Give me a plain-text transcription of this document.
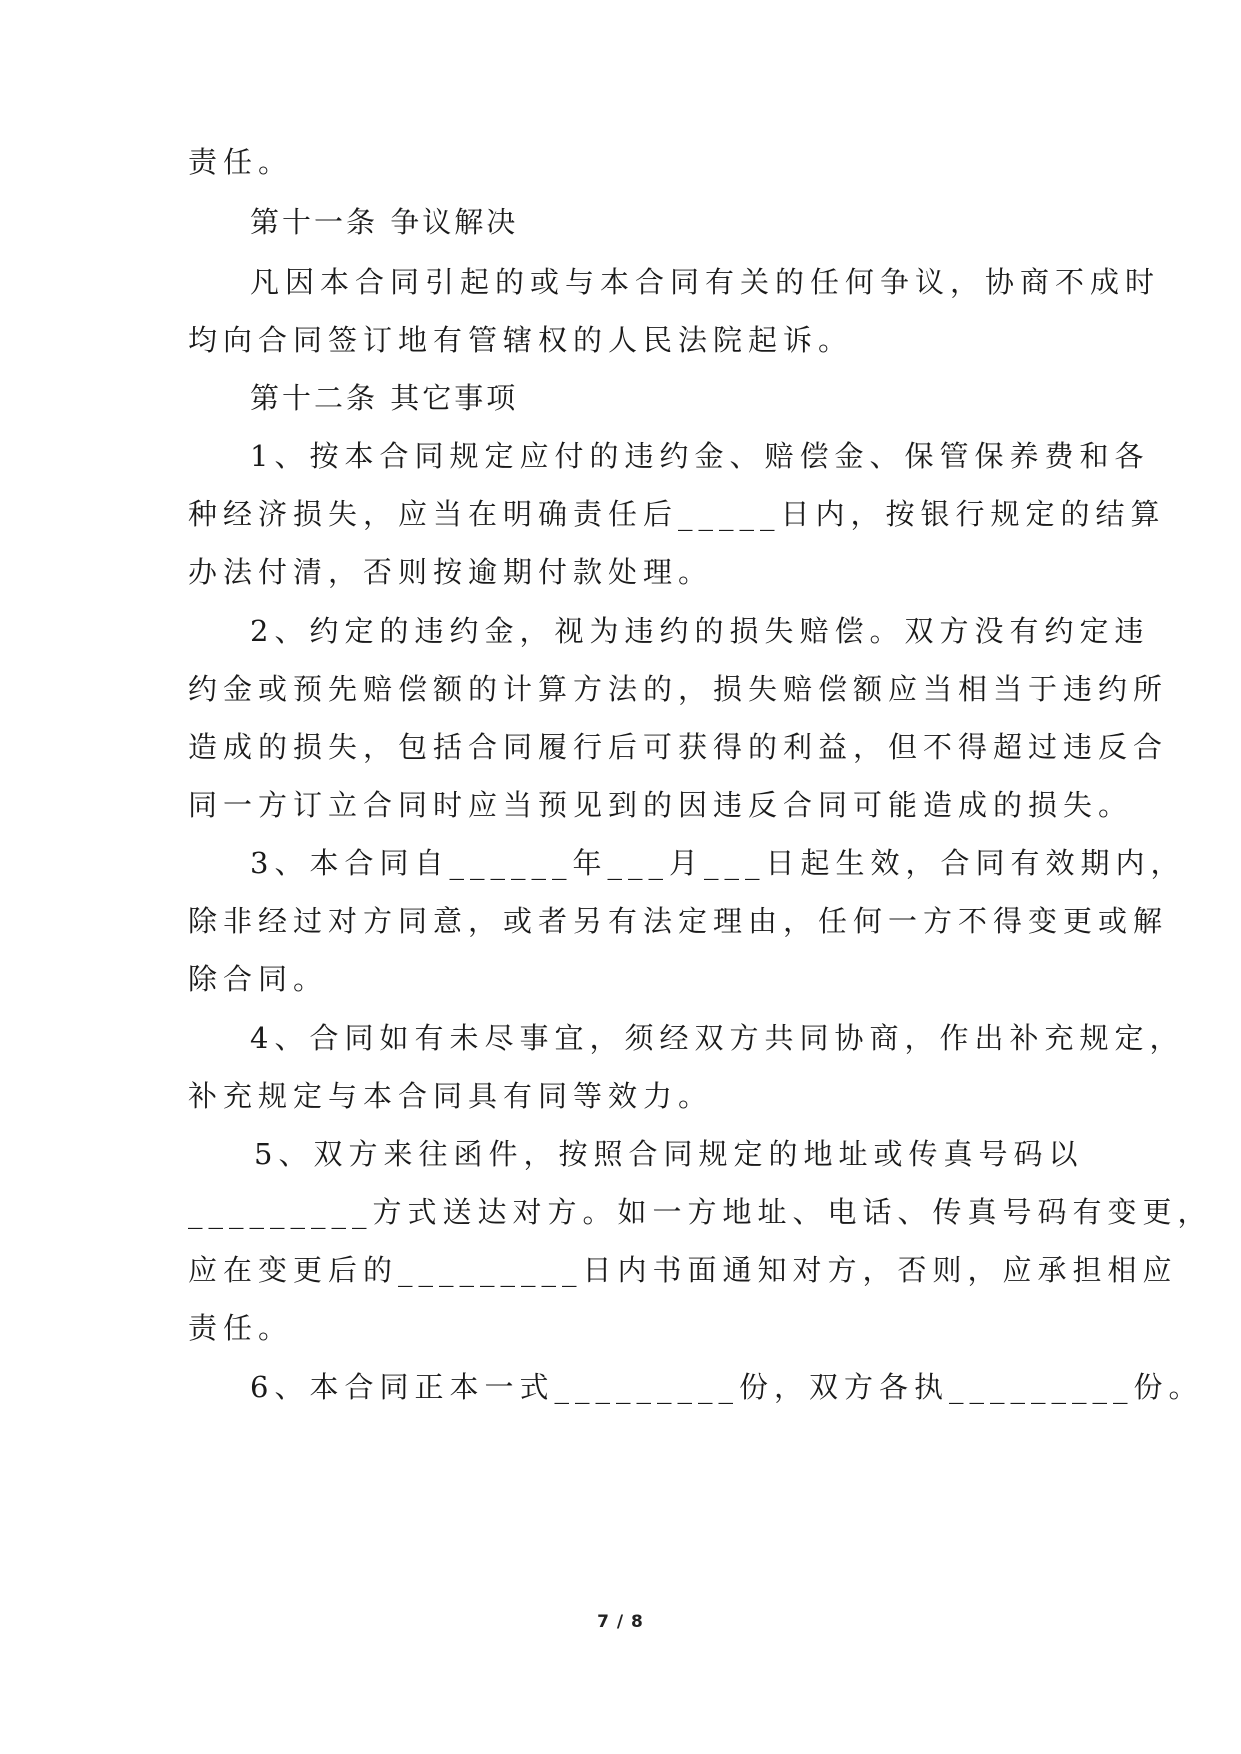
责任。
第十一条 争议解决
凡因本合同引起的或与本合同有关的任何争议，协商不成时
均向合同签订地有管辖权的人民法院起诉。
第十二条 其它事项
1、按本合同规定应付的违约金、赔偿金、保管保养费和各
种经济损失，应当在明确责任后_____日内，按银行规定的结算
办法付清，否则按逾期付款处理。
2、约定的违约金，视为违约的损失赔偿。双方没有约定违
约金或预先赔偿额的计算方法的，损失赔偿额应当相当于违约所
造成的损失，包括合同履行后可获得的利益，但不得超过违反合
同一方订立合同时应当预见到的因违反合同可能造成的损失。
3、本合同自______年___月___日起生效，合同有效期内，
除非经过对方同意，或者另有法定理由，任何一方不得变更或解
除合同。
4、合同如有未尽事宜，须经双方共同协商，作出补充规定，
补充规定与本合同具有同等效力。
5、双方来往函件，按照合同规定的地址或传真号码以
_________方式送达对方。如一方地址、电话、传真号码有变更，
应在变更后的_________日内书面通知对方，否则，应承担相应
责任。
6、本合同正本一式_________份，双方各执_________份。
7 / 8
